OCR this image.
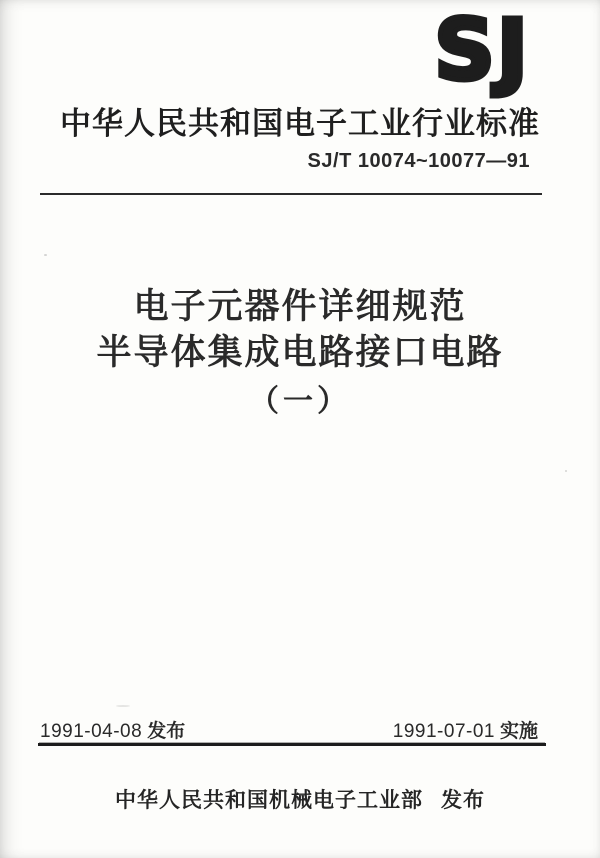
SJ
中华人民共和国电子工业行业标准
SJ/T 10074~10077—91
电子元器件详细规范
半导体集成电路接口电路
（一）
1991-04-08 发布	1991-07-01 实施
中华人民共和国机械电子工业部 发布
